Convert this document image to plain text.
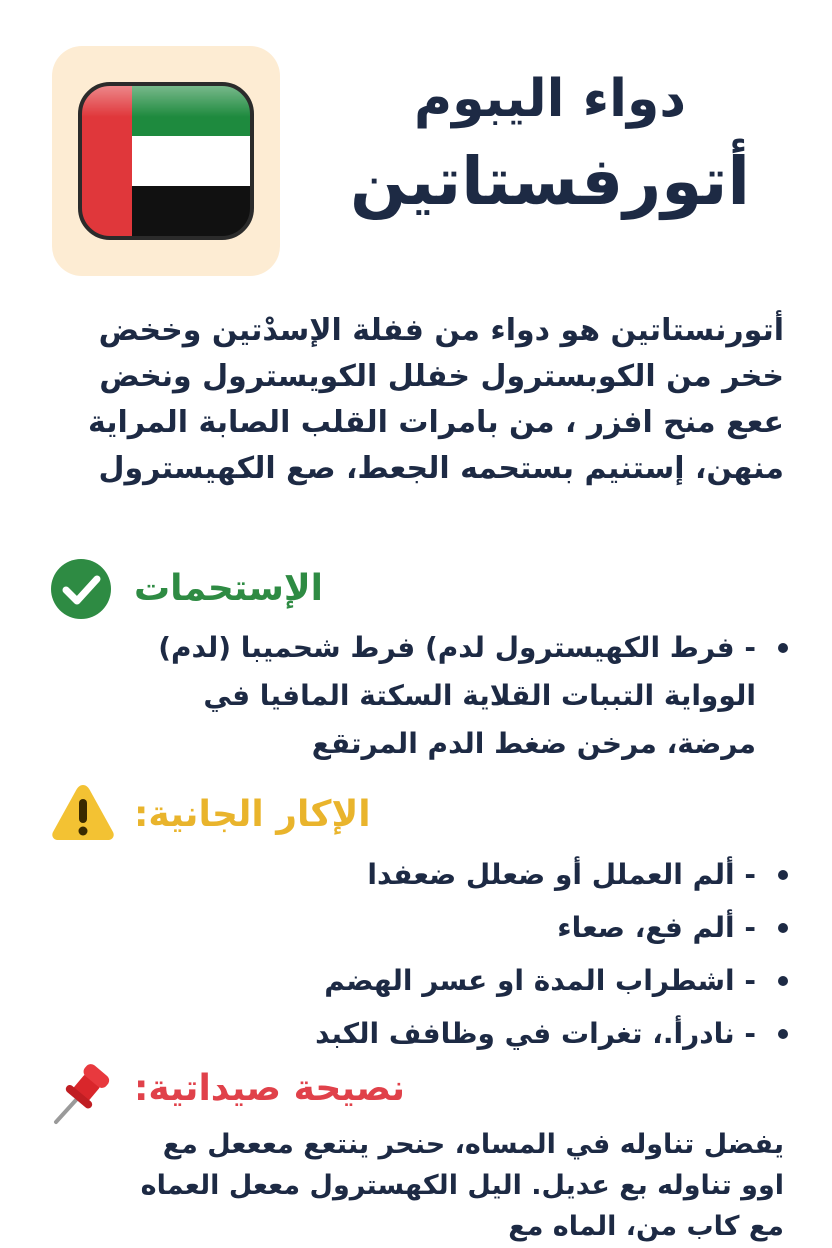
دواء اليبوم
أتورفستاتين
أتورنستاتين هو دواء من ففلة الإسدْتين وخخض خخر من الكوبسترول خفلل الكويسترول ونخض ععع منح افزر ، من بامرات القلب الصابة المراية منهن، إستنيم بستحمه الجعط، صع الكهيسترول
الإستحمات
- فرط الكهيسترول لدم) فرط شحميبا (لدم) الوواية التببات القلاية السكتة المافيا في مرضة، مرخن ضغط الدم المرتقع
الإكار الجانية:
- ألم العملل أو ضعلل ضعفدا
- ألم فع، صعاء
- اشطراب المدة او عسر الهضم
- نادرأ.، تغرات في وظافف الكبد
نصيحة صيداتية:
يفضل تناوله في المساه، حنحر ينتعع معععل مع اوو تناوله بع عديل. اليل الكهسترول مععل العماه مع كاب من، الماه مع
